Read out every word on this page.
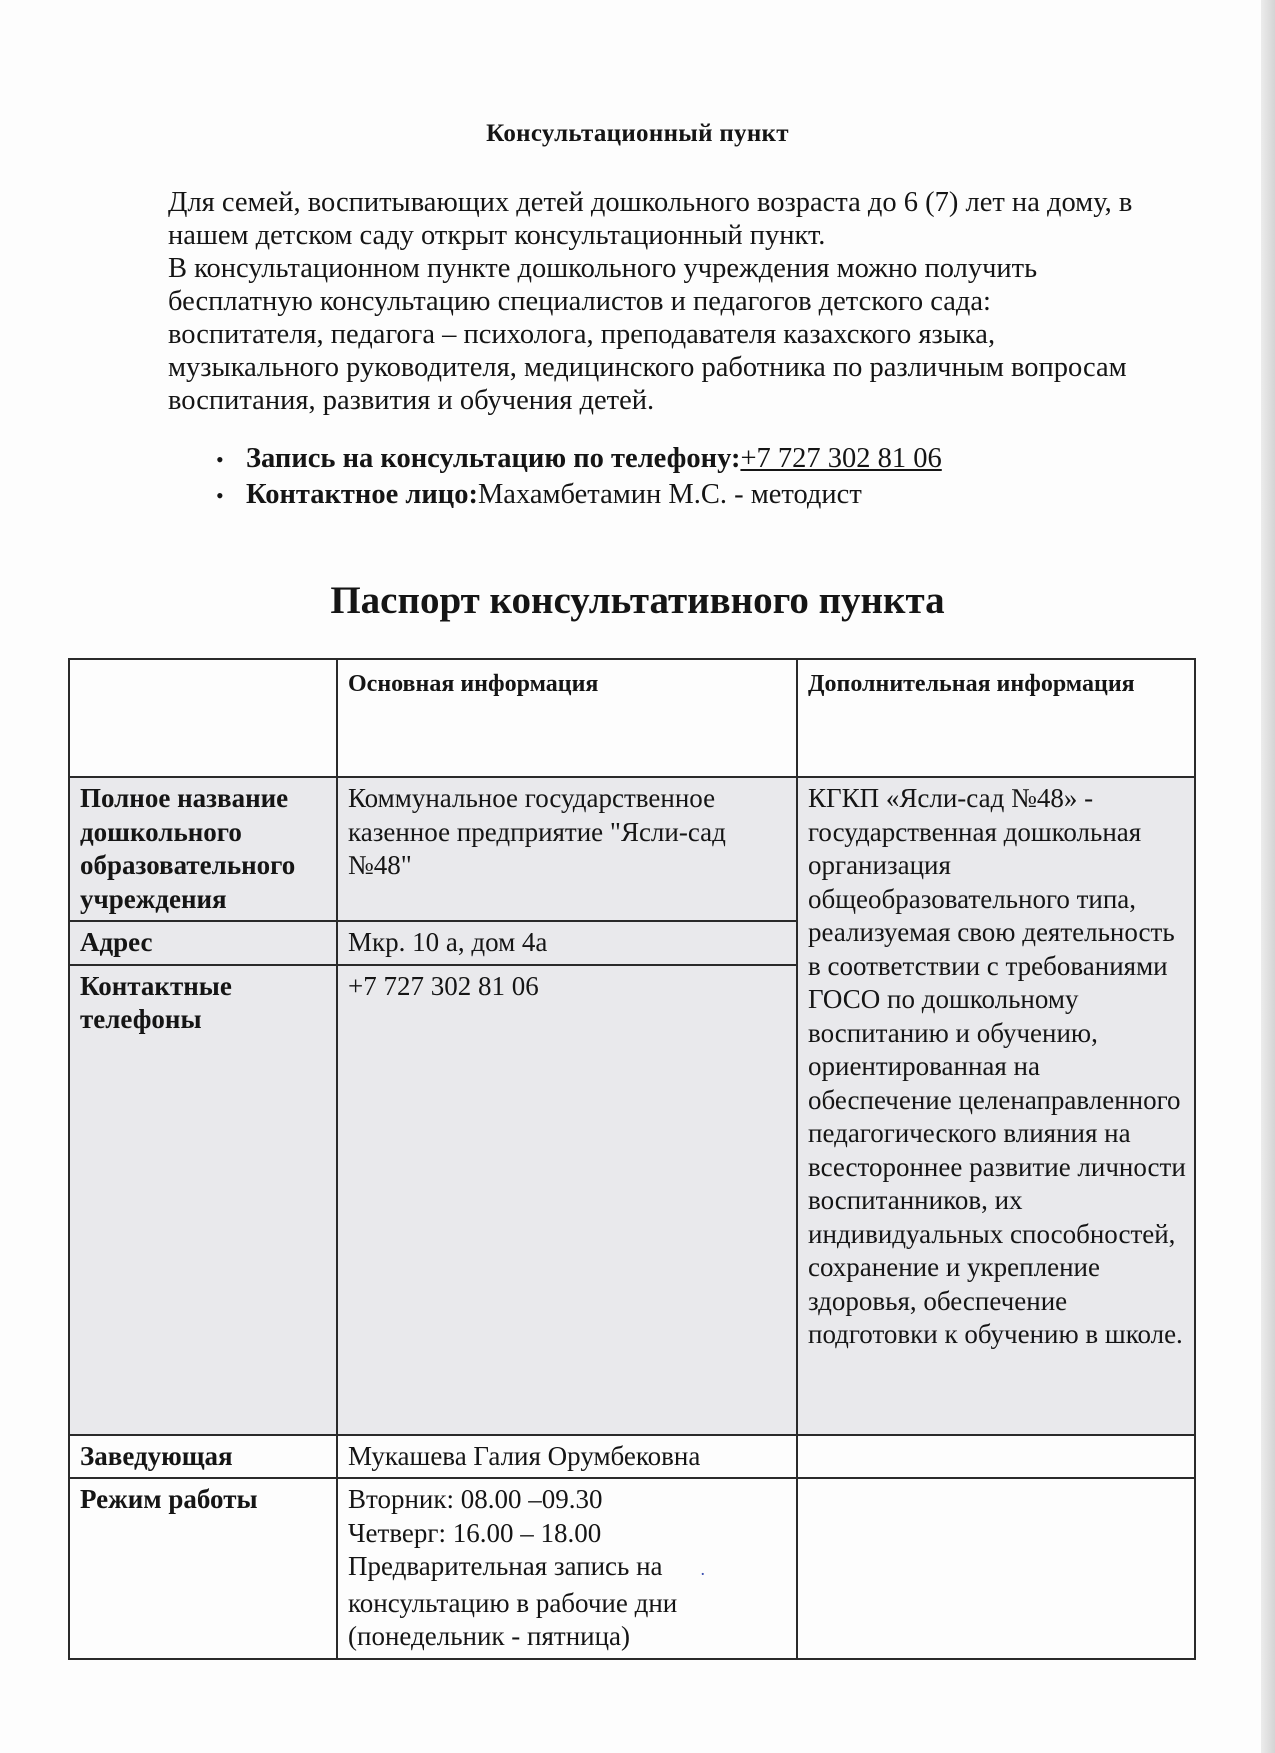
Консультационный пункт

Для семей, воспитывающих детей дошкольного возраста до 6 (7) лет на дому, в нашем детском саду открыт консультационный пункт.

В консультационном пункте дошкольного учреждения можно получить бесплатную консультацию специалистов и педагогов детского сада: воспитателя, педагога – психолога, преподавателя казахского языка, музыкального руководителя, медицинского работника по различным вопросам воспитания, развития и обучения детей.

• Запись на консультацию по телефону: +7 727 302 81 06
• Контактное лицо: Махамбетамин М.С. - методист
Паспорт консультативного пункта
	Основная информация	Дополнительная информация
Полное название дошкольного образовательного учреждения	Коммунальное государственное казенное предприятие "Ясли-сад №48"	КГКП «Ясли-сад №48» - государственная дошкольная организация общеобразовательного типа, реализуемая свою деятельность в соответствии с требованиями ГОСО по дошкольному воспитанию и обучению, ориентированная на обеспечение целенаправленного педагогического влияния на всестороннее развитие личности воспитанников, их индивидуальных способностей, сохранение и укрепление здоровья, обеспечение подготовки к обучению в школе.
Адрес	Мкр. 10 а, дом 4а	
Контактные телефоны	+7 727 302 81 06	
Заведующая	Мукашева Галия Орумбековна	
Режим работы	Вторник: 08.00 –09.30
Четверг: 16.00 – 18.00
Предварительная запись на .
консультацию в рабочие дни
(понедельник - пятница)	
